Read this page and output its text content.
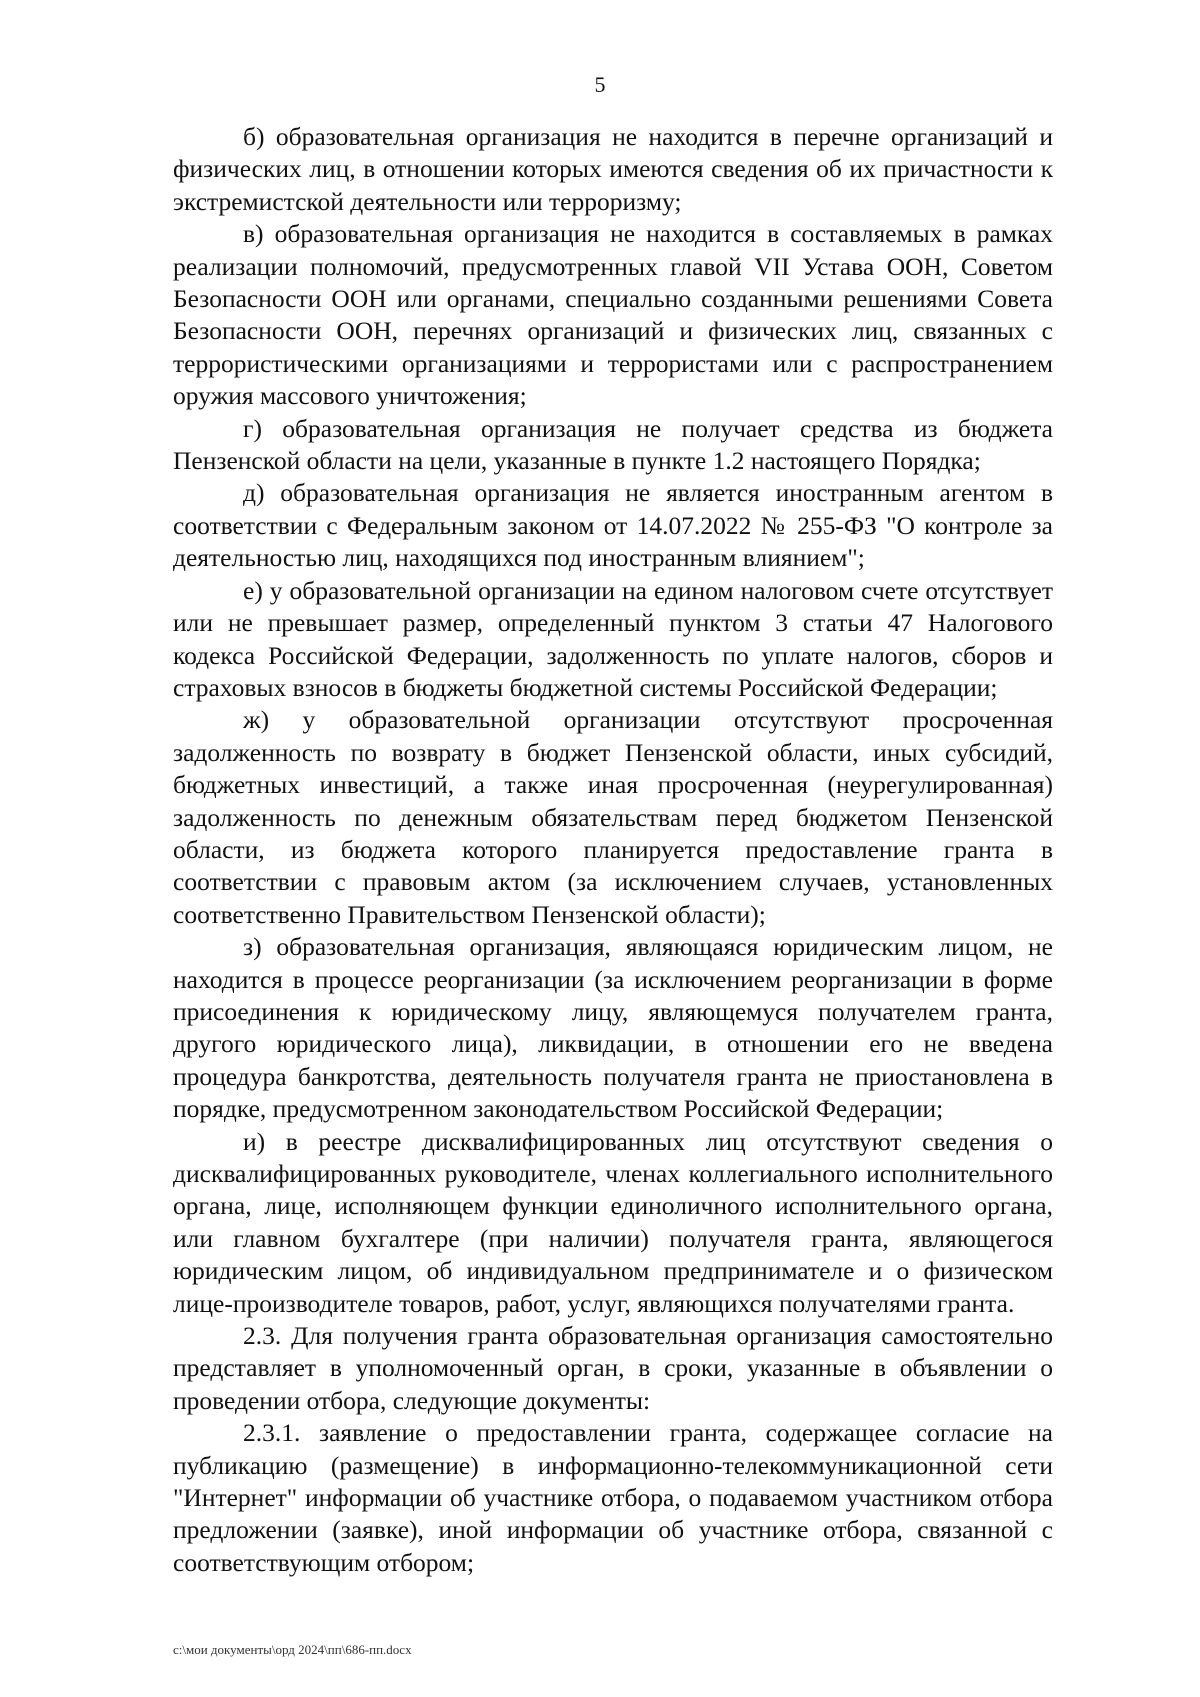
5

б) образовательная организация не находится в перечне организаций и физических лиц, в отношении которых имеются сведения об их причастности к экстремистской деятельности или терроризму;

в) образовательная организация не находится в составляемых в рамках реализации полномочий, предусмотренных главой VII Устава ООН, Советом Безопасности ООН или органами, специально созданными решениями Совета Безопасности ООН, перечнях организаций и физических лиц, связанных с террористическими организациями и террористами или с распространением оружия массового уничтожения;

г) образовательная организация не получает средства из бюджета Пензенской области на цели, указанные в пункте 1.2 настоящего Порядка;

д) образовательная организация не является иностранным агентом в соответствии с Федеральным законом от 14.07.2022 № 255-ФЗ "О контроле за деятельностью лиц, находящихся под иностранным влиянием";

е) у образовательной организации на едином налоговом счете отсутствует или не превышает размер, определенный пунктом 3 статьи 47 Налогового кодекса Российской Федерации, задолженность по уплате налогов, сборов и страховых взносов в бюджеты бюджетной системы Российской Федерации;

ж) у образовательной организации отсутствуют просроченная задолженность по возврату в бюджет Пензенской области, иных субсидий, бюджетных инвестиций, а также иная просроченная (неурегулированная) задолженность по денежным обязательствам перед бюджетом Пензенской области, из бюджета которого планируется предоставление гранта в соответствии с правовым актом (за исключением случаев, установленных соответственно Правительством Пензенской области);

з) образовательная организация, являющаяся юридическим лицом, не находится в процессе реорганизации (за исключением реорганизации в форме присоединения к юридическому лицу, являющемуся получателем гранта, другого юридического лица), ликвидации, в отношении его не введена процедура банкротства, деятельность получателя гранта не приостановлена в порядке, предусмотренном законодательством Российской Федерации;

и) в реестре дисквалифицированных лиц отсутствуют сведения о дисквалифицированных руководителе, членах коллегиального исполнительного органа, лице, исполняющем функции единоличного исполнительного органа, или главном бухгалтере (при наличии) получателя гранта, являющегося юридическим лицом, об индивидуальном предпринимателе и о физическом лице-производителе товаров, работ, услуг, являющихся получателями гранта.

2.3. Для получения гранта образовательная организация самостоятельно представляет в уполномоченный орган, в сроки, указанные в объявлении о проведении отбора, следующие документы:

2.3.1. заявление о предоставлении гранта, содержащее согласие на публикацию (размещение) в информационно-телекоммуникационной сети "Интернет" информации об участнике отбора, о подаваемом участником отбора предложении (заявке), иной информации об участнике отбора, связанной с соответствующим отбором;

c:\мои документы\орд 2024\пп\686-пп.docx
